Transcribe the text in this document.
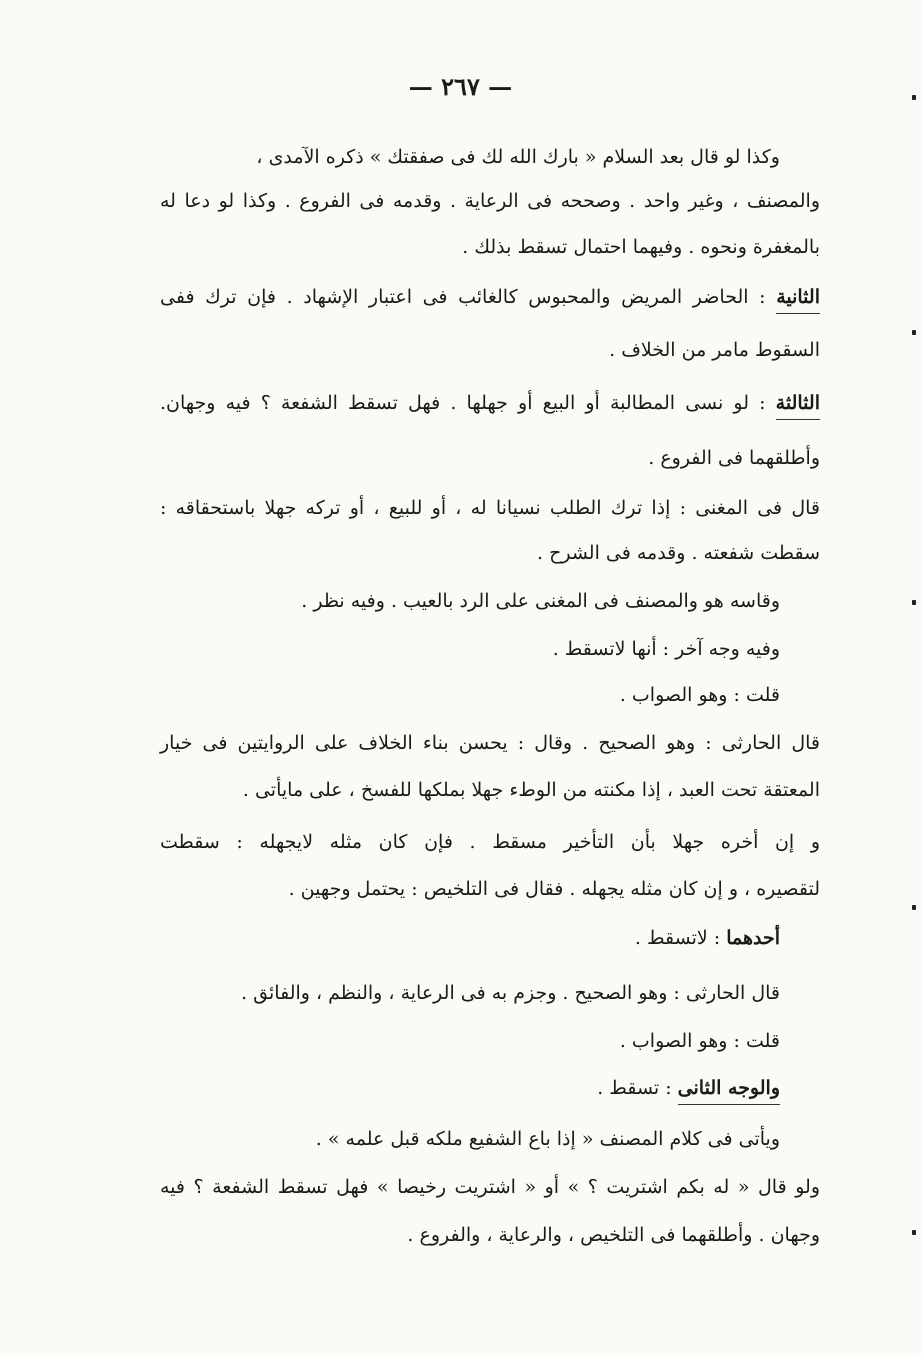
— ٢٦٧ —
وكذا لو قال بعد السلام « بارك الله لك فى صفقتك » ذكره الآمدى ،
والمصنف ، وغير واحد . وصححه فى الرعاية . وقدمه فى الفروع . وكذا لو دعا له
بالمغفرة ونحوه . وفيهما احتمال تسقط بذلك .
الثانية : الحاضر المريض والمحبوس كالغائب فى اعتبار الإشهاد . فإن ترك ففى
السقوط مامر من الخلاف .
الثالثة : لو نسى المطالبة أو البيع أو جهلها . فهل تسقط الشفعة ؟ فيه وجهان.
وأطلقهما فى الفروع .
قال فى المغنى : إذا ترك الطلب نسيانا له ، أو للبيع ، أو تركه جهلا باستحقاقه :
سقطت شفعته . وقدمه فى الشرح .
وقاسه هو والمصنف فى المغنى على الرد بالعيب . وفيه نظر .
وفيه وجه آخر : أنها لاتسقط .
قلت : وهو الصواب .
قال الحارثى : وهو الصحيح . وقال : يحسن بناء الخلاف على الروايتين فى خيار
المعتقة تحت العبد ، إذا مكنته من الوطء جهلا بملكها للفسخ ، على مايأتى .
و إن أخره جهلا بأن التأخير مسقط . فإن كان مثله لايجهله : سقطت
لتقصيره ، و إن كان مثله يجهله . فقال فى التلخيص : يحتمل وجهين .
أحدهما : لاتسقط .
قال الحارثى : وهو الصحيح . وجزم به فى الرعاية ، والنظم ، والفائق .
قلت : وهو الصواب .
والوجه الثانى : تسقط .
ويأتى فى كلام المصنف « إذا باع الشفيع ملكه قبل علمه » .
ولو قال « له بكم اشتريت ؟ » أو « اشتريت رخيصا » فهل تسقط الشفعة ؟ فيه
وجهان . وأطلقهما فى التلخيص ، والرعاية ، والفروع .
